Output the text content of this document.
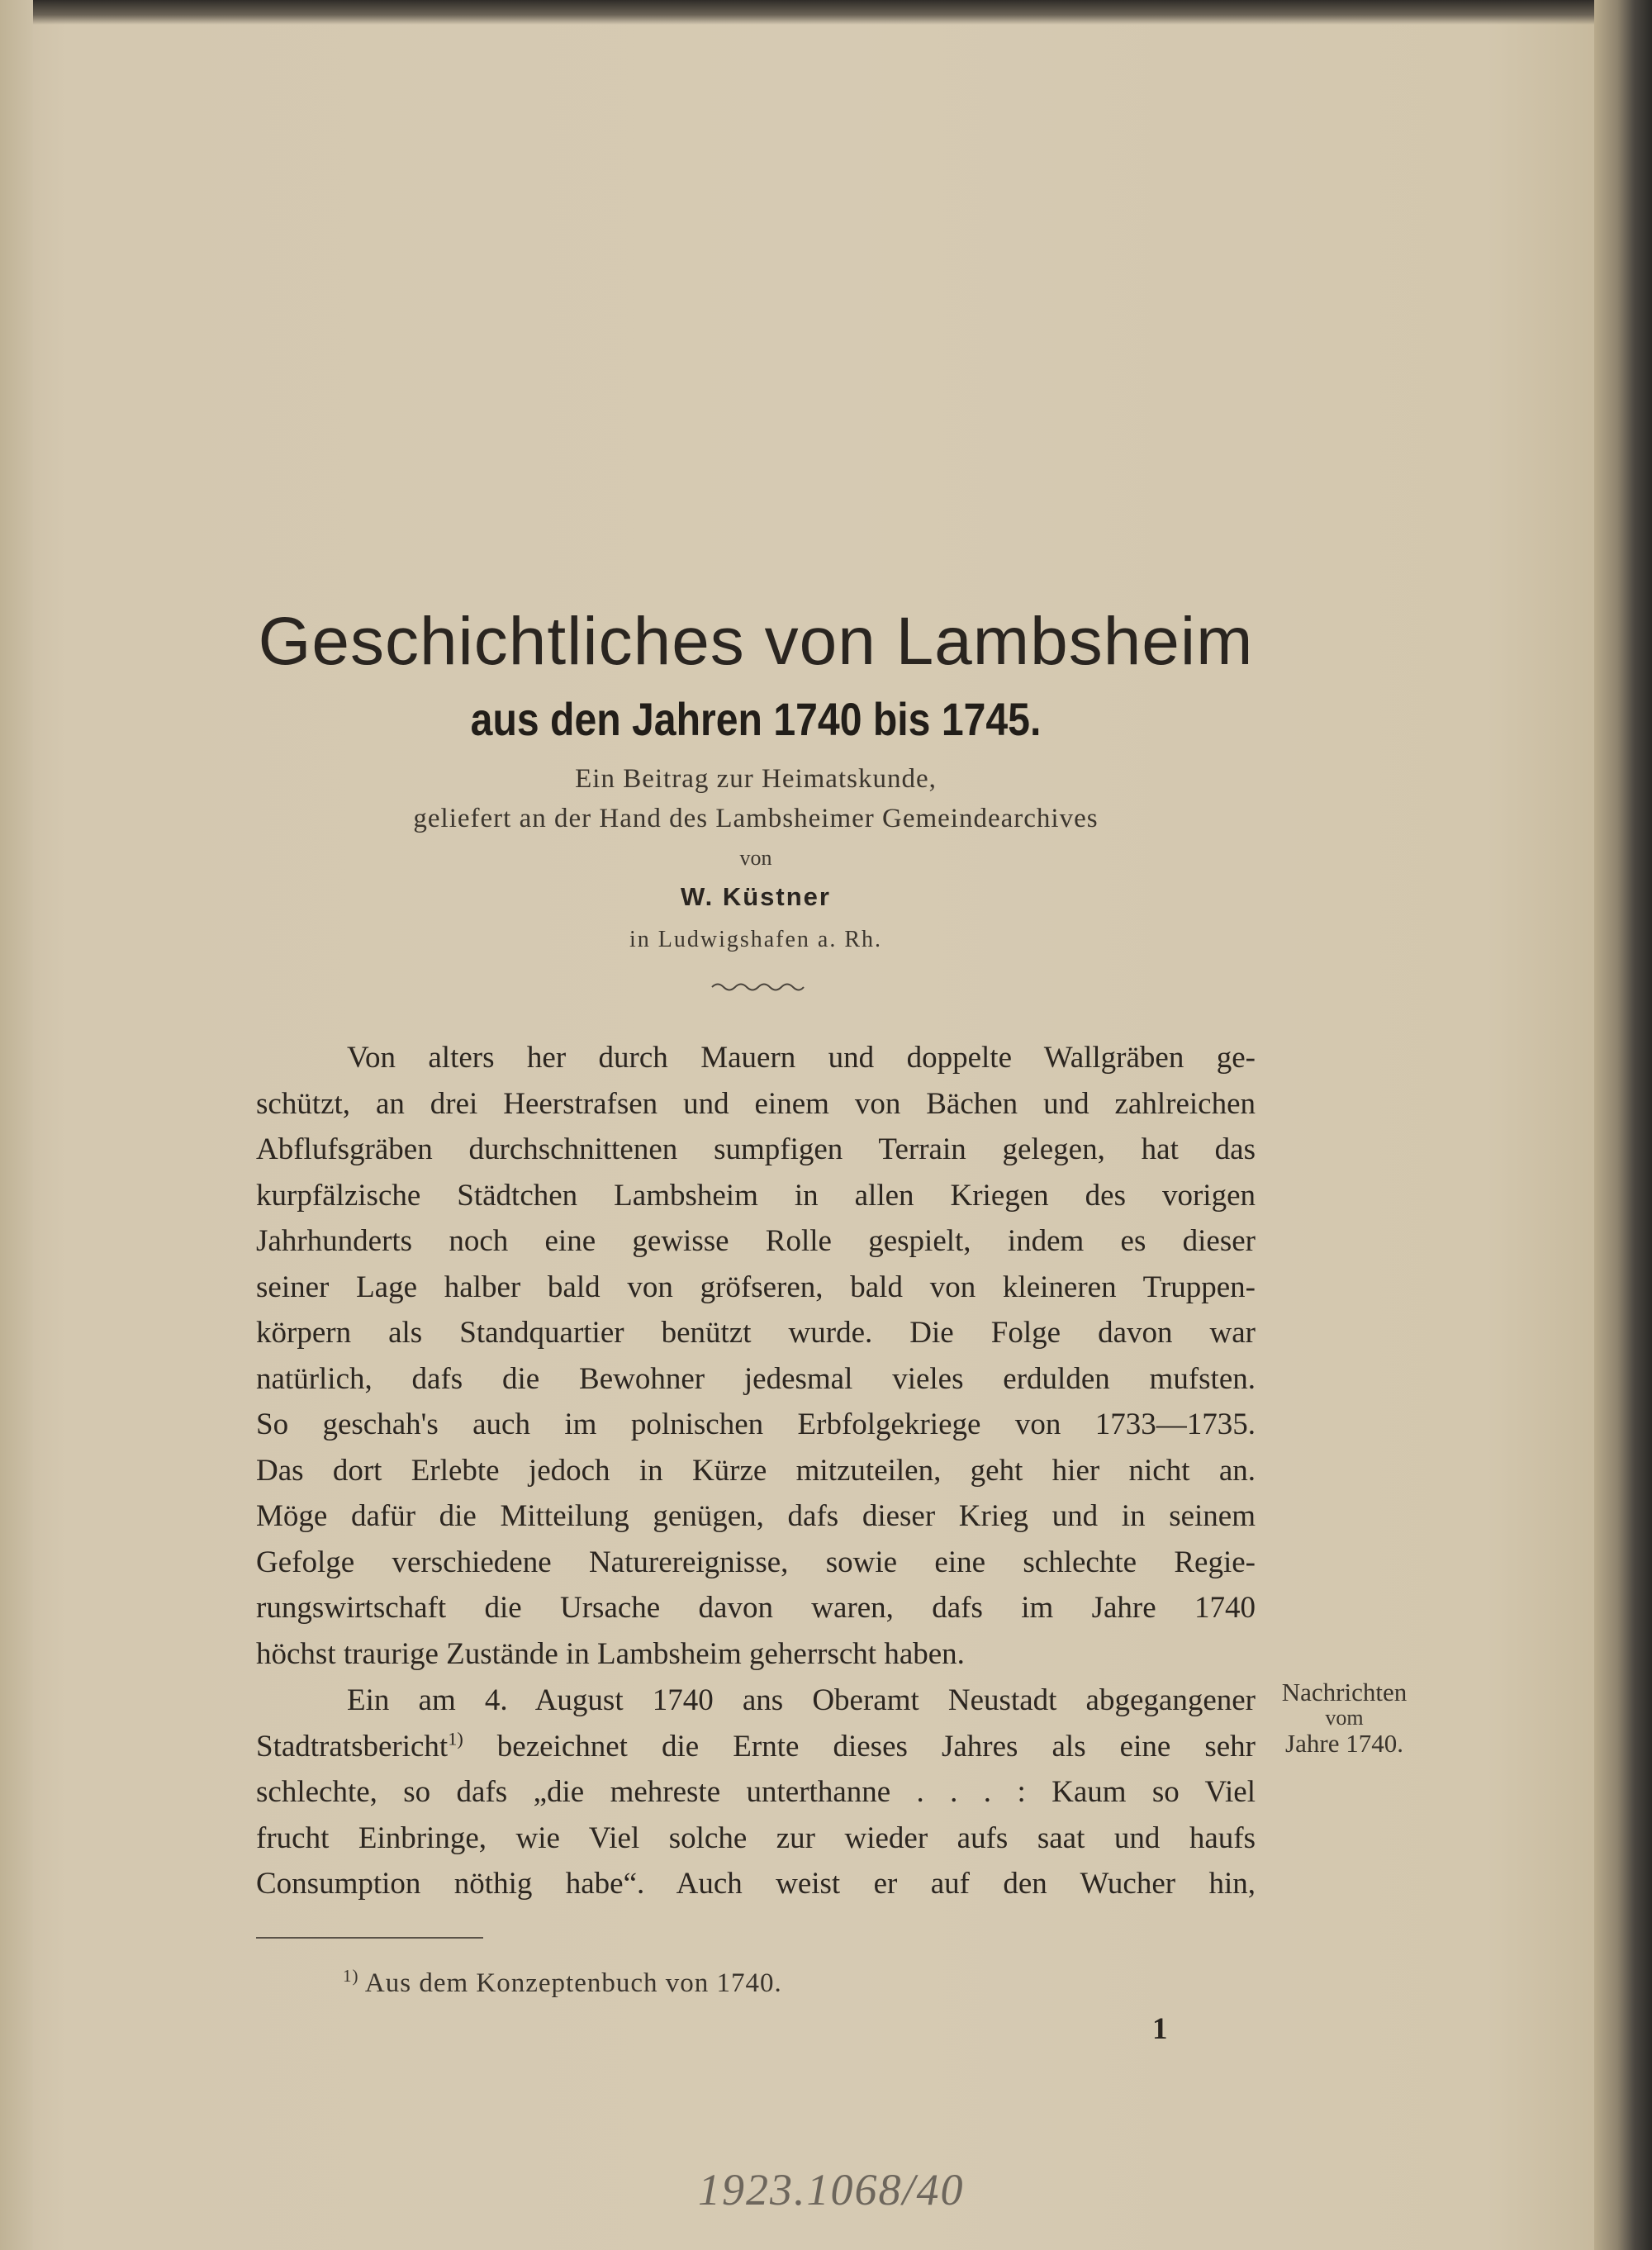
Geschichtliches von Lambsheim
aus den Jahren 1740 bis 1745.
Ein Beitrag zur Heimatskunde,
geliefert an der Hand des Lambsheimer Gemeindearchives
von
W. Küstner
in Ludwigshafen a. Rh.
Von alters her durch Mauern und doppelte Wallgräben ge-
schützt, an drei Heerstrafsen und einem von Bächen und zahlreichen
Abflufsgräben durchschnittenen sumpfigen Terrain gelegen, hat das
kurpfälzische Städtchen Lambsheim in allen Kriegen des vorigen
Jahrhunderts noch eine gewisse Rolle gespielt, indem es dieser
seiner Lage halber bald von gröfseren, bald von kleineren Truppen-
körpern als Standquartier benützt wurde. Die Folge davon war
natürlich, dafs die Bewohner jedesmal vieles erdulden mufsten.
So geschah's auch im polnischen Erbfolgekriege von 1733—1735.
Das dort Erlebte jedoch in Kürze mitzuteilen, geht hier nicht an.
Möge dafür die Mitteilung genügen, dafs dieser Krieg und in seinem
Gefolge verschiedene Naturereignisse, sowie eine schlechte Regie-
rungswirtschaft die Ursache davon waren, dafs im Jahre 1740
höchst traurige Zustände in Lambsheim geherrscht haben.
Ein am 4. August 1740 ans Oberamt Neustadt abgegangener
Stadtratsbericht$^{1)}$ bezeichnet die Ernte dieses Jahres als eine sehr
schlechte, so dafs „die mehreste unterthanne . . . : Kaum so Viel
frucht Einbringe, wie Viel solche zur wieder aufs saat und haufs
Consumption nöthig habe“. Auch weist er auf den Wucher hin,
Nachrichten
vom
Jahre 1740.
$^{1)}$ Aus dem Konzeptenbuch von 1740.
1
1923.1068/40
